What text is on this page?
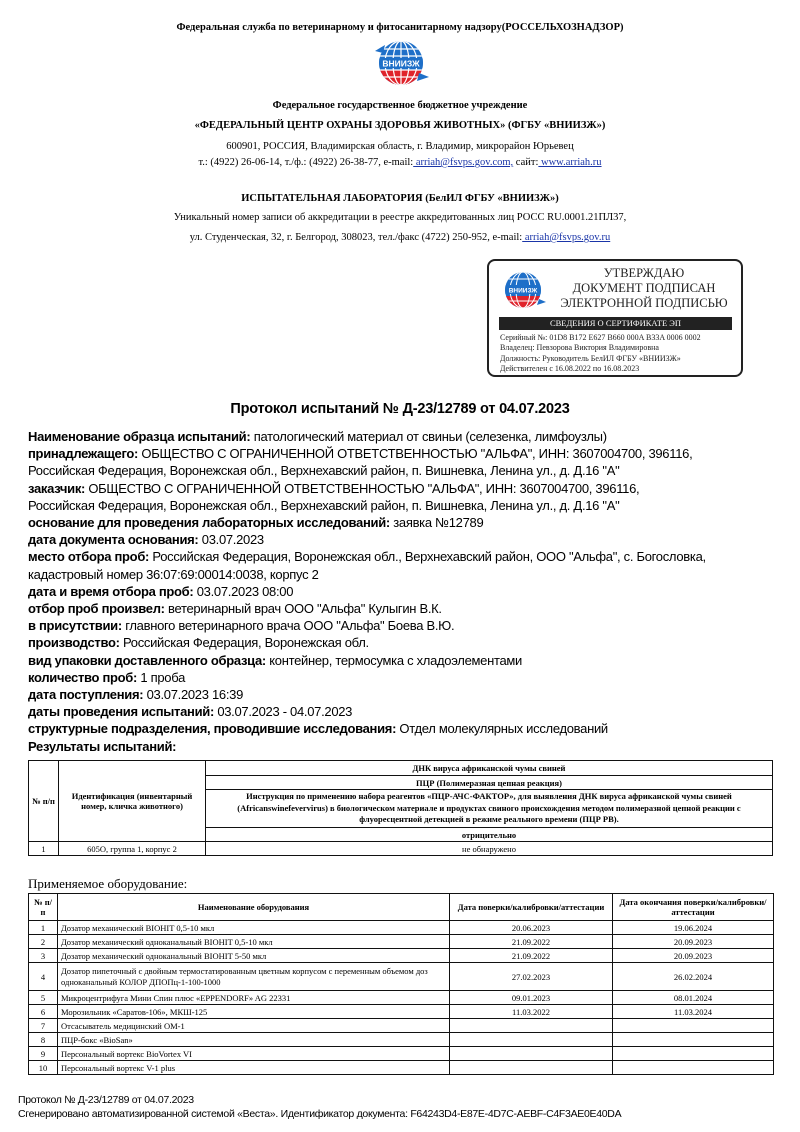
Федеральная служба по ветеринарному и фитосанитарному надзору(РОССЕЛЬХОЗНАДЗОР)
ВНИИЗЖ
Федеральное государственное бюджетное учреждение
«ФЕДЕРАЛЬНЫЙ ЦЕНТР ОХРАНЫ ЗДОРОВЬЯ ЖИВОТНЫХ» (ФГБУ «ВНИИЗЖ»)
600901, РОССИЯ, Владимирская область, г. Владимир, микрорайон Юрьевец
т.: (4922) 26-06-14, т./ф.: (4922) 26-38-77, e-mail: arriah@fsvps.gov.com, сайт: www.arriah.ru
ИСПЫТАТЕЛЬНАЯ ЛАБОРАТОРИЯ (БелИЛ ФГБУ «ВНИИЗЖ»)
Уникальный номер записи об аккредитации в реестре аккредитованных лиц РОСС RU.0001.21ПЛ37,
ул. Студенческая, 32, г. Белгород, 308023, тел./факс (4722) 250-952, e-mail: arriah@fsvps.gov.ru
ВНИИЗЖ
УТВЕРЖДАЮ
ДОКУМЕНТ ПОДПИСАН
ЭЛЕКТРОННОЙ ПОДПИСЬЮ
СВЕДЕНИЯ О СЕРТИФИКАТЕ ЭП
Серийный №: 01D8 B172 E627 B660 000A B33A 0006 0002
Владелец: Певзорова Виктория Владимировна
Должность: Руководитель БелИЛ ФГБУ «ВНИИЗЖ»
Действителен с 16.08.2022 по 16.08.2023
Протокол испытаний № Д-23/12789 от 04.07.2023
Наименование образца испытаний: патологический материал от свиньи (селезенка, лимфоузлы)
принадлежащего: ОБЩЕСТВО С ОГРАНИЧЕННОЙ ОТВЕТСТВЕННОСТЬЮ "АЛЬФА", ИНН: 3607004700, 396116,
Российская Федерация, Воронежская обл., Верхнехавский район, п. Вишневка, Ленина ул., д. Д.16 "А"
заказчик: ОБЩЕСТВО С ОГРАНИЧЕННОЙ ОТВЕТСТВЕННОСТЬЮ "АЛЬФА", ИНН: 3607004700, 396116,
Российская Федерация, Воронежская обл., Верхнехавский район, п. Вишневка, Ленина ул., д. Д.16 "А"
основание для проведения лабораторных исследований: заявка №12789
дата документа основания: 03.07.2023
место отбора проб: Российская Федерация, Воронежская обл., Верхнехавский район, ООО "Альфа", с. Богословка,
кадастровый номер 36:07:69:00014:0038, корпус 2
дата и время отбора проб: 03.07.2023 08:00
отбор проб произвел: ветеринарный врач ООО "Альфа" Кулыгин В.К.
в присутствии: главного ветеринарного врача ООО "Альфа" Боева В.Ю.
производство: Российская Федерация, Воронежская обл.
вид упаковки доставленного образца: контейнер, термосумка с хладоэлементами
количество проб: 1 проба
дата поступления: 03.07.2023 16:39
даты проведения испытаний: 03.07.2023 - 04.07.2023
структурные подразделения, проводившие исследования: Отдел молекулярных исследований
Результаты испытаний:
№ п/п	Идентификация (инвентарный номер, кличка животного)	ДНК вируса африканской чумы свиней
		ПЦР (Полимеразная цепная реакция)
		Инструкция по применению набора реагентов «ПЦР-АЧС-ФАКТОР», для выявления ДНК вируса африканской чумы свиней (Africanswinefevervirus) в биологическом материале и продуктах свиного происхождения методом полимеразной цепной реакции с флуоресцентной детекцией в режиме реального времени (ПЦР РВ).
		отрицительно
1	605О, группа 1, корпус 2	не обнаружено
Применяемое оборудование:
№ п/п	Наименование оборудования	Дата поверки/калибровки/аттестации	Дата окончания поверки/калибровки/аттестации
1	Дозатор механический BIOHIT 0,5-10 мкл	20.06.2023	19.06.2024
2	Дозатор механический одноканальный BIOHIT 0,5-10 мкл	21.09.2022	20.09.2023
3	Дозатор механический одноканальный BIOHIT 5-50 мкл	21.09.2022	20.09.2023
4	Дозатор пипеточный с двойным термостатированным цветным корпусом с переменным объемом доз одноканальный КОЛОР ДПОПц-1-100-1000	27.02.2023	26.02.2024
5	Микроцентрифуга Мини Спин плюс «EPPENDORF» AG 22331	09.01.2023	08.01.2024
6	Морозильник «Саратов-106», МКШ-125	11.03.2022	11.03.2024
7	Отсасыватель медицинский ОМ-1		
8	ПЦР-бокс «BioSan»		
9	Персональный вортекс BioVortex VI		
10	Персональный вортекс V-1 plus		
Протокол № Д-23/12789 от 04.07.2023
Сгенерировано автоматизированной системой «Веста». Идентификатор документа: F64243D4-E87E-4D7C-AEBF-C4F3AE0E40DA
